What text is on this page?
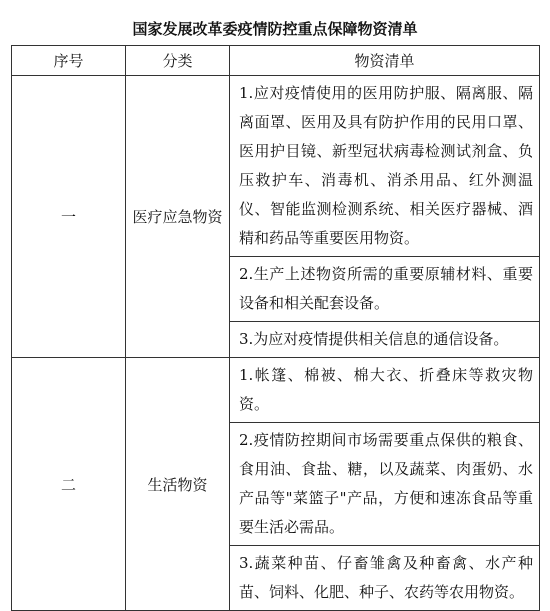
国家发展改革委疫情防控重点保障物资清单
序号	分类	物资清单
一	医疗应急物资	1.应对疫情使用的医用防护服、隔离服、隔离面罩、医用及具有防护作用的民用口罩、医用护目镜、新型冠状病毒检测试剂盒、负压救护车、消毒机、消杀用品、红外测温仪、智能监测检测系统、相关医疗器械、酒精和药品等重要医用物资。
		2.生产上述物资所需的重要原辅材料、重要设备和相关配套设备。
		3.为应对疫情提供相关信息的通信设备。
二	生活物资	1.帐篷、棉被、棉大衣、折叠床等救灾物资。
		2.疫情防控期间市场需要重点保供的粮食、食用油、食盐、糖，以及蔬菜、肉蛋奶、水产品等"菜篮子"产品，方便和速冻食品等重要生活必需品。
		3.蔬菜种苗、仔畜雏禽及种畜禽、水产种苗、饲料、化肥、种子、农药等农用物资。
